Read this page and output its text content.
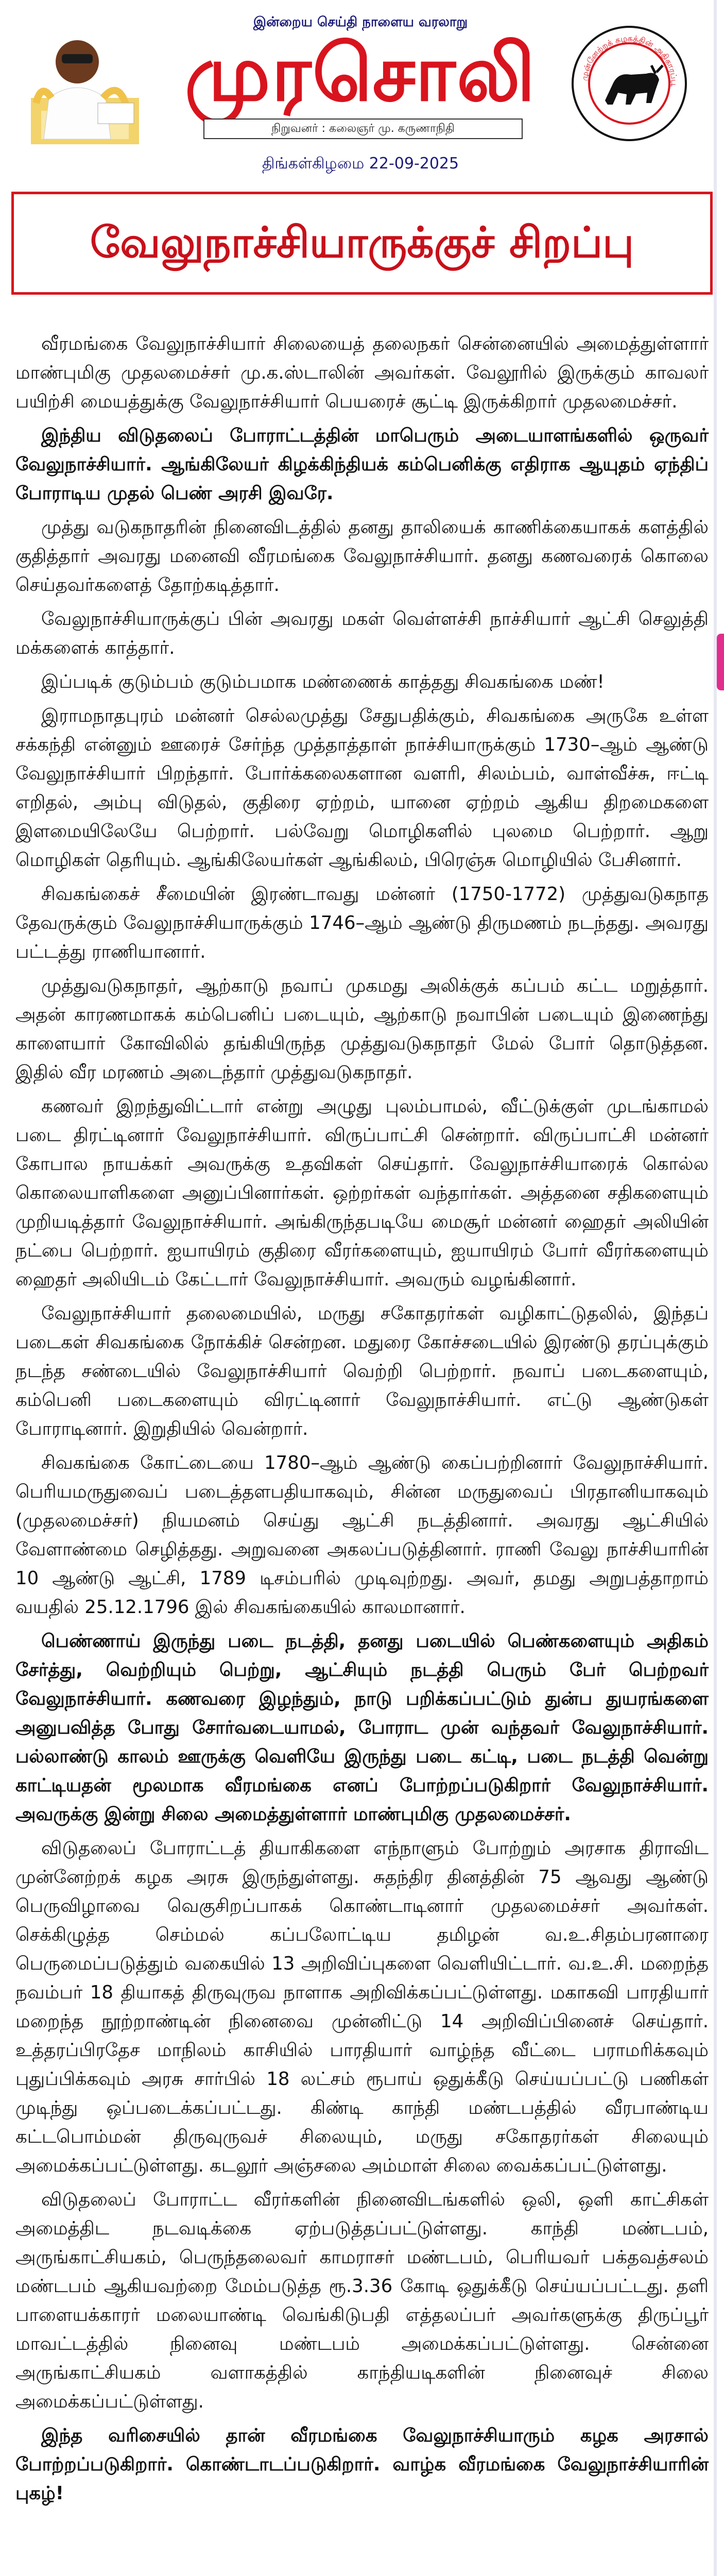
இன்றைய செய்தி நாளைய வரலாறு
முரசொலி
நிறுவனர் : கலைஞர் மு. கருணாநிதி
திங்கள்கிழமை 22-09-2025
முன்னேற்றக் கழகத்தின் அதிகாரப்பூ
வேலுநாச்சியாருக்குச் சிறப்பு

வீரமங்கை வேலுநாச்சியார் சிலையைத் தலைநகர் சென்னையில் அமைத்துள்ளார் மாண்புமிகு முதலமைச்சர் மு.க.ஸ்டாலின் அவர்கள். வேலூரில் இருக்கும் காவலர் பயிற்சி மையத்துக்கு வேலுநாச்சியார் பெயரைச் சூட்டி இருக்கிறார் முதலமைச்சர்.

இந்திய விடுதலைப் போராட்டத்தின் மாபெரும் அடையாளங்களில் ஒருவர் வேலுநாச்சியார். ஆங்கிலேயர் கிழக்கிந்தியக் கம்பெனிக்கு எதிராக ஆயுதம் ஏந்திப் போராடிய முதல் பெண் அரசி இவரே.

முத்து வடுகநாதரின் நினைவிடத்தில் தனது தாலியைக் காணிக்கையாகக் களத்தில் குதித்தார் அவரது மனைவி வீரமங்கை வேலுநாச்சியார். தனது கணவரைக் கொலை செய்தவர்களைத் தோற்கடித்தார்.

வேலுநாச்சியாருக்குப் பின் அவரது மகள் வெள்ளச்சி நாச்சியார் ஆட்சி செலுத்தி மக்களைக் காத்தார்.

இப்படிக் குடும்பம் குடும்பமாக மண்ணைக் காத்தது சிவகங்கை மண்!

இராமநாதபுரம் மன்னர் செல்லமுத்து சேதுபதிக்கும், சிவகங்கை அருகே உள்ள சக்கந்தி என்னும் ஊரைச் சேர்ந்த முத்தாத்தாள் நாச்சியாருக்கும் 1730–ஆம் ஆண்டு வேலுநாச்சியார் பிறந்தார். போர்க்கலைகளான வளரி, சிலம்பம், வாள்வீச்சு, ஈட்டி எறிதல், அம்பு விடுதல், குதிரை ஏற்றம், யானை ஏற்றம் ஆகிய திறமைகளை இளமையிலேயே பெற்றார். பல்வேறு மொழிகளில் புலமை பெற்றார். ஆறு மொழிகள் தெரியும். ஆங்கிலேயர்கள் ஆங்கிலம், பிரெஞ்சு மொழியில் பேசினார்.

சிவகங்கைச் சீமையின் இரண்டாவது மன்னர் (1750-1772) முத்துவடுகநாத தேவருக்கும் வேலுநாச்சியாருக்கும் 1746–ஆம் ஆண்டு திருமணம் நடந்தது. அவரது பட்டத்து ராணியானார்.

முத்துவடுகநாதர், ஆற்காடு நவாப் முகமது அலிக்குக் கப்பம் கட்ட மறுத்தார். அதன் காரணமாகக் கம்பெனிப் படையும், ஆற்காடு நவாபின் படையும் இணைந்து காளையார் கோவிலில் தங்கியிருந்த முத்துவடுகநாதர் மேல் போர் தொடுத்தன. இதில் வீர மரணம் அடைந்தார் முத்துவடுகநாதர்.

கணவர் இறந்துவிட்டார் என்று அழுது புலம்பாமல், வீட்டுக்குள் முடங்காமல் படை திரட்டினார் வேலுநாச்சியார். விருப்பாட்சி சென்றார். விருப்பாட்சி மன்னர் கோபால நாயக்கர் அவருக்கு உதவிகள் செய்தார். வேலுநாச்சியாரைக் கொல்ல கொலையாளிகளை அனுப்பினார்கள். ஒற்றர்கள் வந்தார்கள். அத்தனை சதிகளையும் முறியடித்தார் வேலுநாச்சியார். அங்கிருந்தபடியே மைசூர் மன்னர் ஹைதர் அலியின் நட்பை பெற்றார். ஐயாயிரம் குதிரை வீரர்களையும், ஐயாயிரம் போர் வீரர்களையும் ஹைதர் அலியிடம் கேட்டார் வேலுநாச்சியார். அவரும் வழங்கினார்.

வேலுநாச்சியார் தலைமையில், மருது சகோதரர்கள் வழிகாட்டுதலில், இந்தப் படைகள் சிவகங்கை நோக்கிச் சென்றன. மதுரை கோச்சடையில் இரண்டு தரப்புக்கும் நடந்த சண்டையில் வேலுநாச்சியார் வெற்றி பெற்றார். நவாப் படைகளையும், கம்பெனி படைகளையும் விரட்டினார் வேலுநாச்சியார். எட்டு ஆண்டுகள் போராடினார். இறுதியில் வென்றார்.

சிவகங்கை கோட்டையை 1780–ஆம் ஆண்டு கைப்பற்றினார் வேலுநாச்சியார். பெரியமருதுவைப் படைத்தளபதியாகவும், சின்ன மருதுவைப் பிரதானியாகவும் (முதலமைச்சர்) நியமனம் செய்து ஆட்சி நடத்தினார். அவரது ஆட்சியில் வேளாண்மை செழித்தது. அறுவனை அகலப்படுத்தினார். ராணி வேலு நாச்சியாரின் 10 ஆண்டு ஆட்சி, 1789 டிசம்பரில் முடிவுற்றது. அவர், தமது அறுபத்தாறாம் வயதில் 25.12.1796 இல் சிவகங்கையில் காலமானார்.

பெண்ணாய் இருந்து படை நடத்தி, தனது படையில் பெண்களையும் அதிகம் சேர்த்து, வெற்றியும் பெற்று, ஆட்சியும் நடத்தி பெரும் பேர் பெற்றவர் வேலுநாச்சியார். கணவரை இழந்தும், நாடு பறிக்கப்பட்டும் துன்ப துயரங்களை அனுபவித்த போது சோர்வடையாமல், போராட முன் வந்தவர் வேலுநாச்சியார். பல்லாண்டு காலம் ஊருக்கு வெளியே இருந்து படை கட்டி, படை நடத்தி வென்று காட்டியதன் மூலமாக வீரமங்கை எனப் போற்றப்படுகிறார் வேலுநாச்சியார். அவருக்கு இன்று சிலை அமைத்துள்ளார் மாண்புமிகு முதலமைச்சர்.

விடுதலைப் போராட்டத் தியாகிகளை எந்நாளும் போற்றும் அரசாக திராவிட முன்னேற்றக் கழக அரசு இருந்துள்ளது. சுதந்திர தினத்தின் 75 ஆவது ஆண்டு பெருவிழாவை வெகுசிறப்பாகக் கொண்டாடினார் முதலமைச்சர் அவர்கள். செக்கிழுத்த செம்மல் கப்பலோட்டிய தமிழன் வ.உ.சிதம்பரனாரை பெருமைப்படுத்தும் வகையில் 13 அறிவிப்புகளை வெளியிட்டார். வ.உ.சி. மறைந்த நவம்பர் 18 தியாகத் திருவுருவ நாளாக அறிவிக்கப்பட்டுள்ளது. மகாகவி பாரதியார் மறைந்த நூற்றாண்டின் நினைவை முன்னிட்டு 14 அறிவிப்பினைச் செய்தார். உத்தரப்பிரதேச மாநிலம் காசியில் பாரதியார் வாழ்ந்த வீட்டை பராமரிக்கவும் புதுப்பிக்கவும் அரசு சார்பில் 18 லட்சம் ரூபாய் ஒதுக்கீடு செய்யப்பட்டு பணிகள் முடிந்து ஒப்படைக்கப்பட்டது. கிண்டி காந்தி மண்டபத்தில் வீரபாண்டிய கட்டபொம்மன் திருவுருவச் சிலையும், மருது சகோதரர்கள் சிலையும் அமைக்கப்பட்டுள்ளது. கடலூர் அஞ்சலை அம்மாள் சிலை வைக்கப்பட்டுள்ளது.

விடுதலைப் போராட்ட வீரர்களின் நினைவிடங்களில் ஒலி, ஒளி காட்சிகள் அமைத்திட நடவடிக்கை ஏற்படுத்தப்பட்டுள்ளது. காந்தி மண்டபம், அருங்காட்சியகம், பெருந்தலைவர் காமராசர் மண்டபம், பெரியவர் பக்தவத்சலம் மண்டபம் ஆகியவற்றை மேம்படுத்த ரூ.3.36 கோடி ஒதுக்கீடு செய்யப்பட்டது. தளி பாளையக்காரர் மலையாண்டி வெங்கிடுபதி எத்தலப்பர் அவர்களுக்கு திருப்பூர் மாவட்டத்தில் நினைவு மண்டபம் அமைக்கப்பட்டுள்ளது. சென்னை அருங்காட்சியகம் வளாகத்தில் காந்தியடிகளின் நினைவுச் சிலை அமைக்கப்பட்டுள்ளது.

இந்த வரிசையில் தான் வீரமங்கை வேலுநாச்சியாரும் கழக அரசால் போற்றப்படுகிறார். கொண்டாடப்படுகிறார். வாழ்க வீரமங்கை வேலுநாச்சியாரின் புகழ்!
